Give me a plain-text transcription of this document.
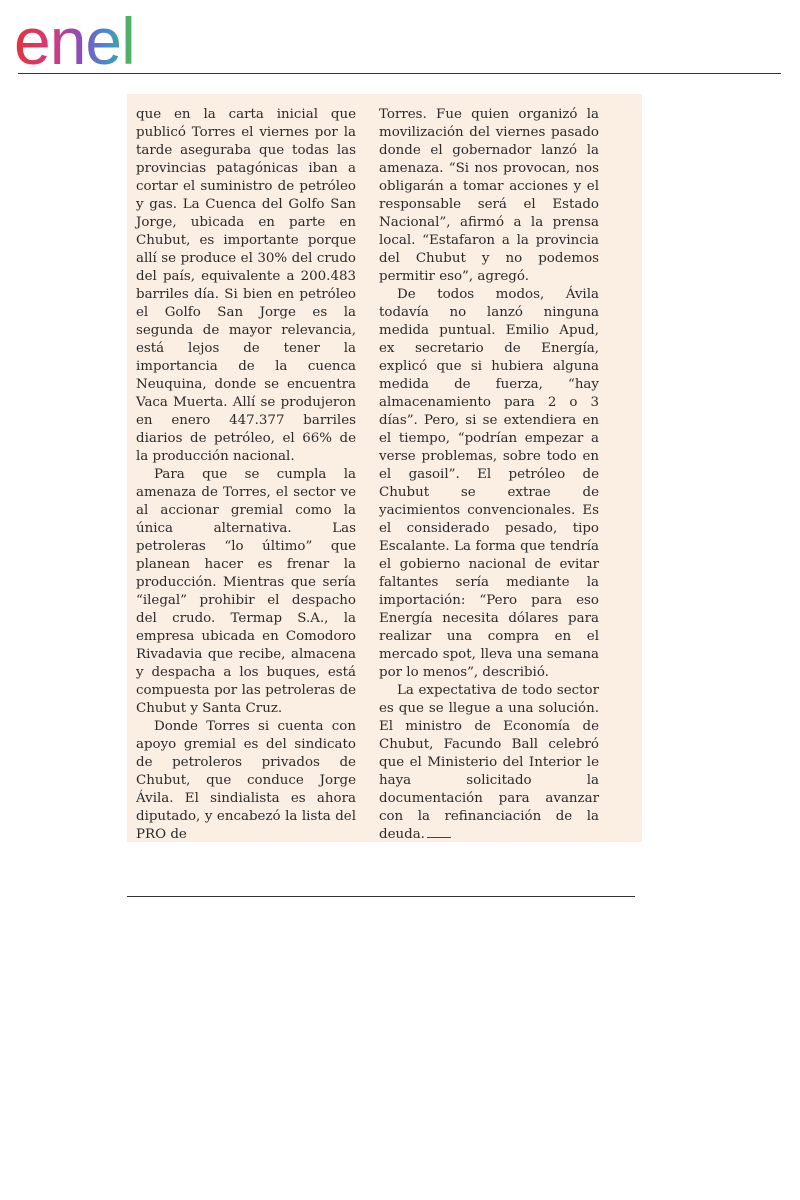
enel

que en la carta inicial que publicó Torres el viernes por la tarde aseguraba que todas las provincias patagónicas iban a cortar el suministro de petróleo y gas. La Cuenca del Golfo San Jorge, ubicada en parte en Chubut, es importante porque allí se produce el 30% del crudo del país, equivalente a 200.483 barriles día. Si bien en petróleo el Golfo San Jorge es la segunda de mayor relevancia, está lejos de tener la importancia de la cuenca Neuquina, donde se encuentra Vaca Muerta. Allí se produjeron en enero 447.377 barriles diarios de petróleo, el 66% de la producción nacional.

Para que se cumpla la amenaza de Torres, el sector ve al accionar gremial como la única alternativa. Las petroleras “lo último” que planean hacer es frenar la producción. Mientras que sería “ilegal” prohibir el despacho del crudo. Termap S.A., la empresa ubicada en Comodoro Rivadavia que recibe, almacena y despacha a los buques, está compuesta por las petroleras de Chubut y Santa Cruz.

Donde Torres si cuenta con apoyo gremial es del sindicato de petroleros privados de Chubut, que conduce Jorge Ávila. El sindialista es ahora diputado, y encabezó la lista del PRO de

Torres. Fue quien organizó la movilización del viernes pasado donde el gobernador lanzó la amenaza. “Si nos provocan, nos obligarán a tomar acciones y el responsable será el Estado Nacional”, afirmó a la prensa local. “Estafaron a la provincia del Chubut y no podemos permitir eso”, agregó.

De todos modos, Ávila todavía no lanzó ninguna medida puntual. Emilio Apud, ex secretario de Energía, explicó que si hubiera alguna medida de fuerza, “hay almacenamiento para 2 o 3 días”. Pero, si se extendiera en el tiempo, “podrían empezar a verse problemas, sobre todo en el gasoil”. El petróleo de Chubut se extrae de yacimientos convencionales. Es el considerado pesado, tipo Escalante. La forma que tendría el gobierno nacional de evitar faltantes sería mediante la importación: “Pero para eso Energía necesita dólares para realizar una compra en el mercado spot, lleva una semana por lo menos”, describió.

La expectativa de todo sector es que se llegue a una solución. El ministro de Economía de Chubut, Facundo Ball celebró que el Ministerio del Interior le haya solicitado la documentación para avanzar con la refinanciación de la deuda.
